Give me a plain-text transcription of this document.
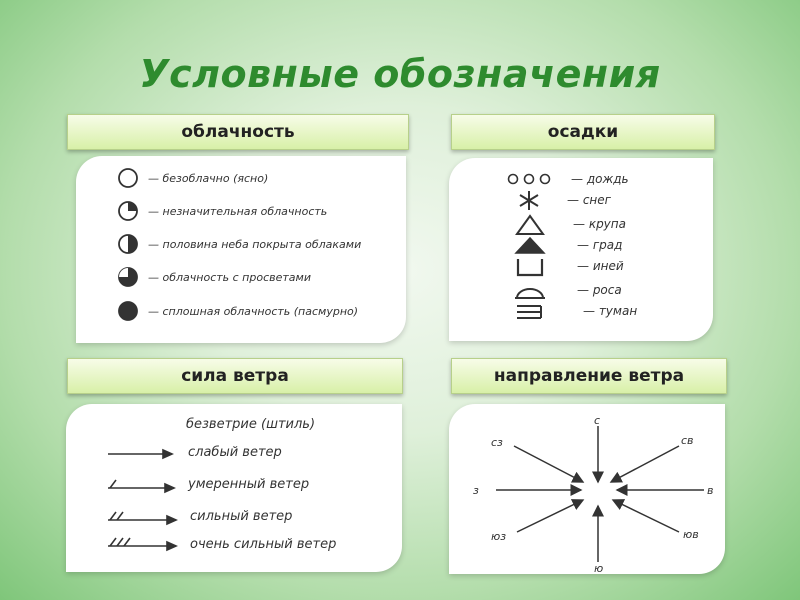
Условные обозначения
облачность	осадки
сила ветра	направление ветра
— безоблачно (ясно)
— незначительная облачность
— половина неба покрыта облаками
— облачность с просветами
— сплошная облачность (пасмурно)
— дождь
— снег
— крупа
— град
— иней
— роса
— туман
безветрие (штиль)
слабый ветер
умеренный ветер
сильный ветер
очень сильный ветер
с
сз	св
з	в
юз	юв
ю
